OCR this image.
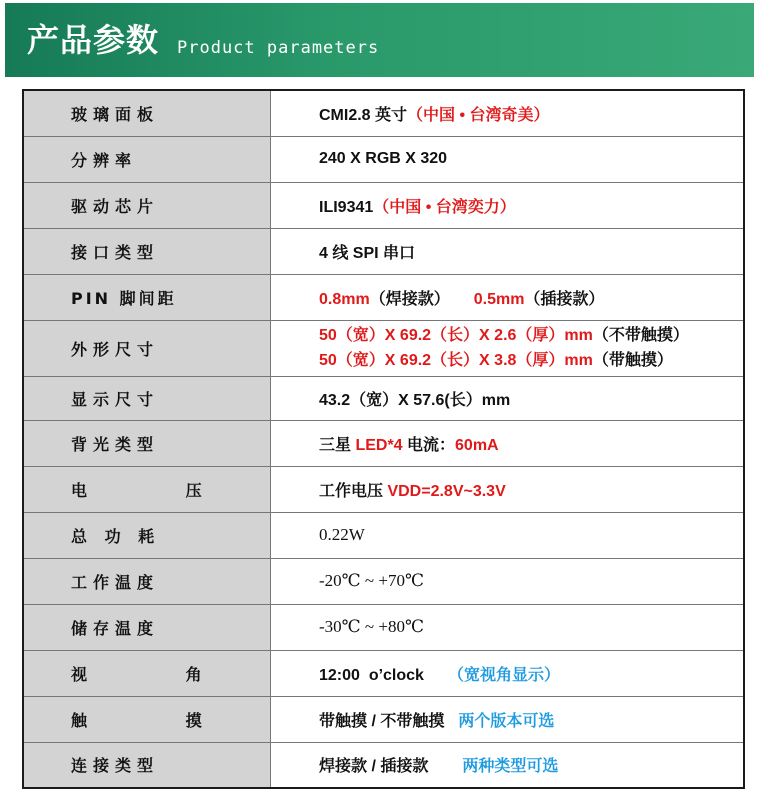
产品参数 Product parameters
玻璃面板	CMI2.8 英寸（中国 • 台湾奇美）
分辨率	240 X RGB X 320
驱动芯片	ILI9341（中国 • 台湾奕力）
接口类型	4 线 SPI 串口
PIN 脚间距	0.8mm（焊接款） 0.5mm（插接款）
外形尺寸	50（宽）X 69.2（长）X 2.6（厚）mm（不带触摸）
50（宽）X 69.2（长）X 3.8（厚）mm（带触摸）

显示尺寸	43.2（宽）X 57.6(长）mm
背光类型	三星 LED*4 电流：60mA
电        压	工作电压 VDD=2.8V~3.3V
总 功 耗	0.22W
工作温度	-20℃ ~ +70℃
储存温度	-30℃ ~ +80℃
视        角	12:00  o’clock （宽视角显示）
触        摸	带触摸 / 不带触摸 两个版本可选
连接类型	焊接款 / 插接款 两种类型可选
